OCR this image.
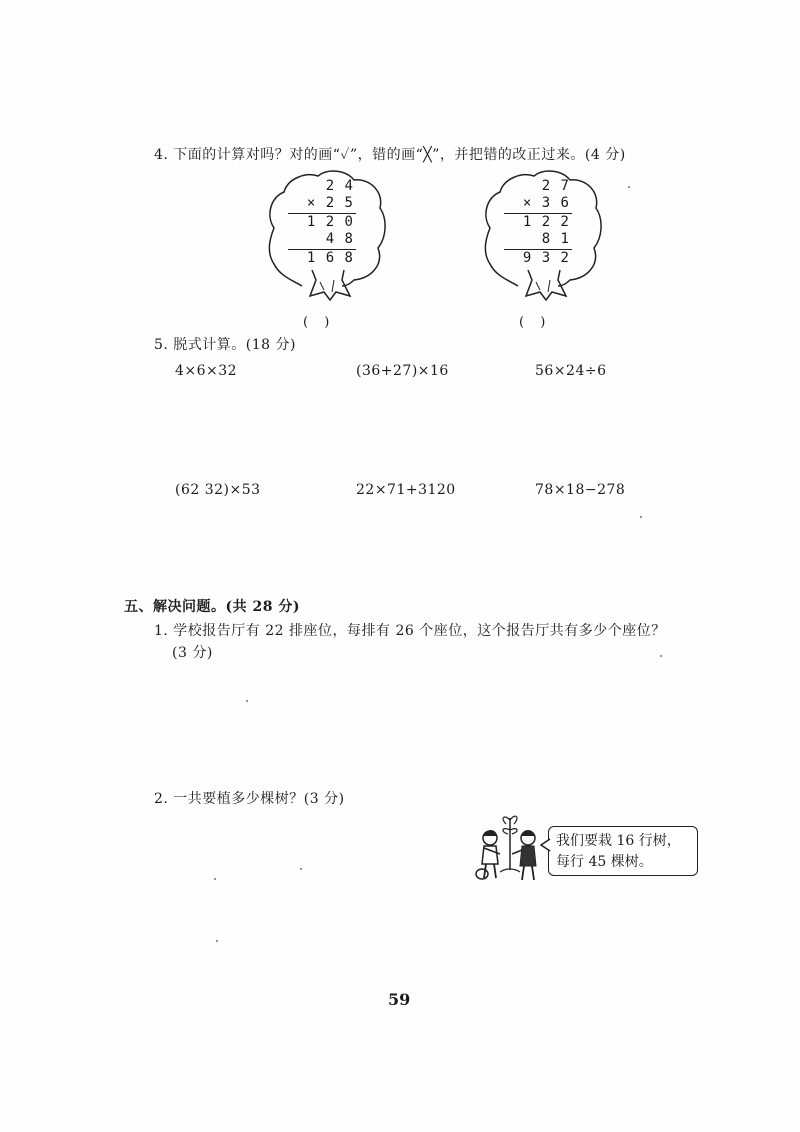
4. 下面的计算对吗？对的画“✓”，错的画“╳”，并把错的改正过来。(4 分)
2 4
× 2 5
1 2 0
4 8
1 6 8
( )
2 7
× 3 6
1 2 2
8 1
9 3 2
( )
5. 脱式计算。(18 分)
4×6×32	(36+27)×16	56×24÷6
(62 32)×53	22×71+3120	78×18−278
五、解决问题。(共 28 分)
1. 学校报告厅有 22 排座位，每排有 26 个座位，这个报告厅共有多少个座位？
(3 分)
2. 一共要植多少棵树？(3 分)
我们要栽 16 行树，
每行 45 棵树。
59
